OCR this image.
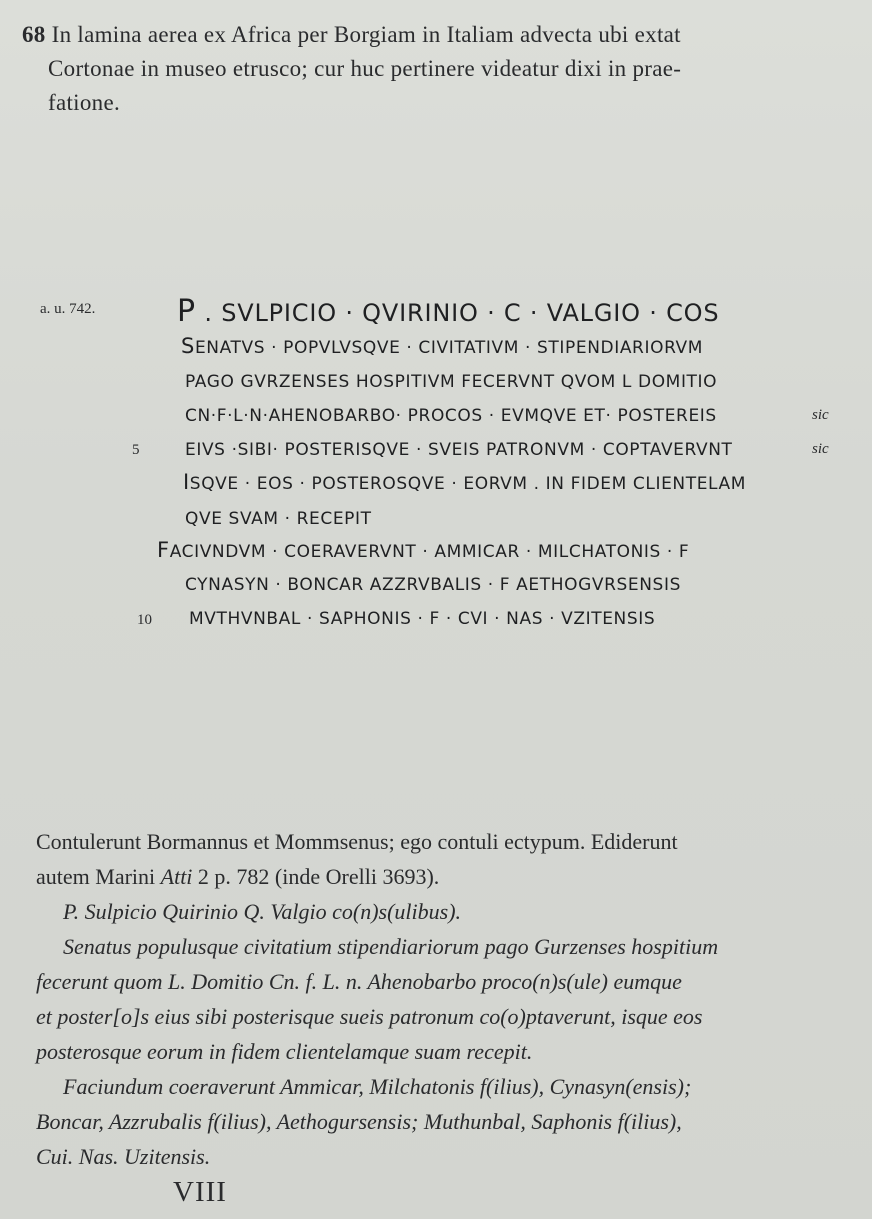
68 In lamina aerea ex Africa per Borgiam in Italiam advecta ubi extat
Cortonae in museo etrusco; cur huc pertinere videatur dixi in prae-
fatione.
a. u. 742.	P . SVLPICIO · QVIRINIO · C · VALGIO · COS
SENATVS · POPVLVSQVE · CIVITATIVM · STIPENDIARIORVM
PAGO GVRZENSES HOSPITIVM FECERVNT QVOM L DOMITIO
CN·F·L·N·AHENOBARBO· PROCOS · EVMQVE ET· POSTEREIS	sic
5	EIVS ·SIBI· POSTERISQVE · SVEIS PATRONVM · COPTAVERVNT	sic
ISQVE · EOS · POSTEROSQVE · EORVM . IN FIDEM CLIENTELAM
QVE SVAM · RECEPIT
FACIVNDVM · COERAVERVNT · AMMICAR · MILCHATONIS · F
CYNASYN · BONCAR AZZRVBALIS · F AETHOGVRSENSIS
10 MVTHVNBAL · SAPHONIS · F · CVI · NAS · VZITENSIS
Contulerunt Bormannus et Mommsenus; ego contuli ectypum. Ediderunt
autem Marini Atti 2 p. 782 (inde Orelli 3693).
P. Sulpicio Quirinio Q. Valgio co(n)s(ulibus).
Senatus populusque civitatium stipendiariorum pago Gurzenses hospitium
fecerunt quom L. Domitio Cn. f. L. n. Ahenobarbo proco(n)s(ule) eumque
et poster[o]s eius sibi posterisque sueis patronum co(o)ptaverunt, isque eos
posterosque eorum in fidem clientelamque suam recepit.
Faciundum coeraverunt Ammicar, Milchatonis f(ilius), Cynasyn(ensis);
Boncar, Azzrubalis f(ilius), Aethogursensis; Muthunbal, Saphonis f(ilius),
Cui. Nas. Uzitensis.
VIII
